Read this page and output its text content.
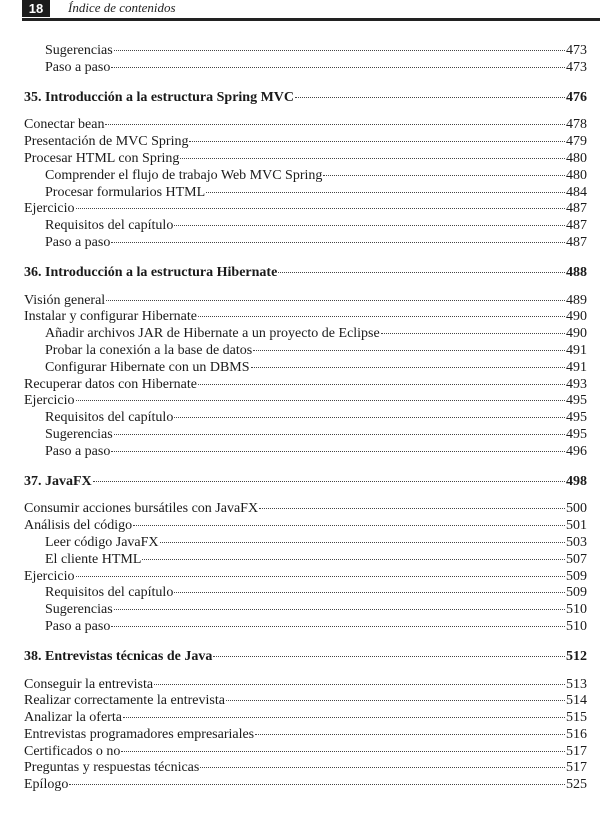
18	Índice de contenidos
Sugerencias	473
Paso a paso	473
35. Introducción a la estructura Spring MVC	476
Conectar bean	478
Presentación de MVC Spring	479
Procesar HTML con Spring	480
Comprender el flujo de trabajo Web MVC Spring	480
Procesar formularios HTML	484
Ejercicio	487
Requisitos del capítulo	487
Paso a paso	487
36. Introducción a la estructura Hibernate	488
Visión general	489
Instalar y configurar Hibernate	490
Añadir archivos JAR de Hibernate a un proyecto de Eclipse	490
Probar la conexión a la base de datos	491
Configurar Hibernate con un DBMS	491
Recuperar datos con Hibernate	493
Ejercicio	495
Requisitos del capítulo	495
Sugerencias	495
Paso a paso	496
37. JavaFX	498
Consumir acciones bursátiles con JavaFX	500
Análisis del código	501
Leer código JavaFX	503
El cliente HTML	507
Ejercicio	509
Requisitos del capítulo	509
Sugerencias	510
Paso a paso	510
38. Entrevistas técnicas de Java	512
Conseguir la entrevista	513
Realizar correctamente la entrevista	514
Analizar la oferta	515
Entrevistas programadores empresariales	516
Certificados o no	517
Preguntas y respuestas técnicas	517
Epílogo	525
